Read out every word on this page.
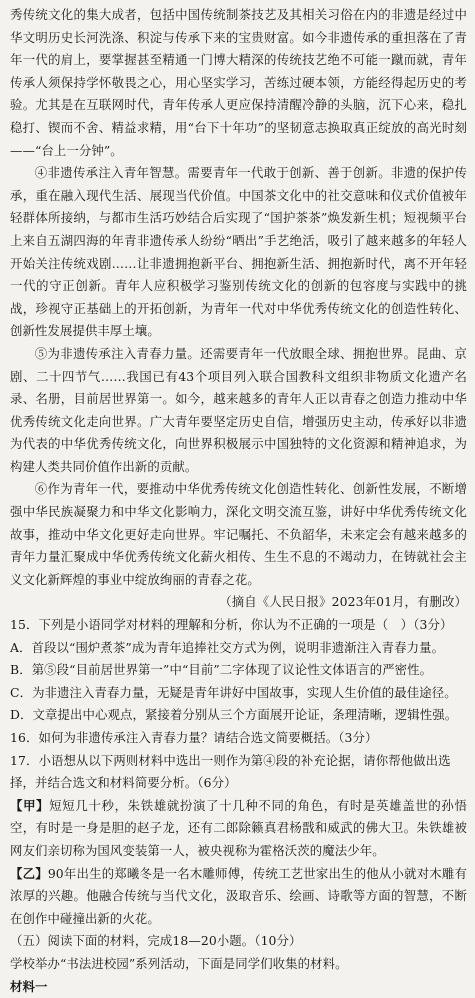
秀传统文化的集大成者，包括中国传统制茶技艺及其相关习俗在内的非遗是经过中华文明历史长河洗涤、积淀与传承下来的宝贵财富。如今非遗传承的重担落在了青年一代的肩上，要掌握甚至精通一门博大精深的传统技艺绝不可能一蹴而就，青年传承人须保持学怀敬畏之心，用心坚实学习，苦练过硬本领，方能经得起历史的考验。尤其是在互联网时代，青年传承人更应保持清醒冷静的头脑，沉下心来，稳扎稳打、锲而不舍、精益求精，用“台下十年功”的坚韧意志换取真正绽放的高光时刻——“台上一分钟”。

④非遗传承注入青年智慧。需要青年一代敢于创新、善于创新。非遗的保护传承，重在融入现代生活、展现当代价值。中国茶文化中的社交意味和仪式价值被年轻群体所接纳，与都市生活巧妙结合后实现了“国护茶茶”焕发新生机；短视频平台上来自五湖四海的年青非遗传承人纷纷“晒出”手艺绝活，吸引了越来越多的年轻人开始关注传统戏剧……让非遗拥抱新平台、拥抱新生活、拥抱新时代，离不开年轻一代的守正创新。青年人应积极学习鉴别传统文化的创新的包容度与实践中的挑战，珍视守正基础上的开拓创新，为青年一代对中华优秀传统文化的创造性转化、创新性发展提供丰厚土壤。

⑤为非遗传承注入青春力量。还需要青年一代放眼全球、拥抱世界。昆曲、京剧、二十四节气……我国已有43个项目列入联合国教科文组织非物质文化遗产名录、名册，目前居世界第一。如今，越来越多的青年人正以青春之创造力推动中华优秀传统文化走向世界。广大青年要坚定历史自信，增强历史主动，传承好以非遗为代表的中华优秀传统文化，向世界积极展示中国独特的文化资源和精神追求，为构建人类共同价值作出新的贡献。

⑥作为青年一代，要推动中华优秀传统文化创造性转化、创新性发展，不断增强中华民族凝聚力和中华文化影响力，深化文明交流互鉴，讲好中华优秀传统文化故事，推动中华文化更好走向世界。牢记嘱托、不负韶华，未来定会有越来越多的青年力量汇聚成中华优秀传统文化薪火相传、生生不息的不竭动力，在铸就社会主义文化新辉煌的事业中绽放绚丽的青春之花。

（摘自《人民日报》2023年01月，有删改）

15．下列是小语同学对材料的理解和分析，你认为不正确的一项是（　）（3分）

A．首段以“围炉煮茶”成为青年追捧社交方式为例，说明非遗渐注入青春力量。

B．第⑤段“目前居世界第一”中“目前”二字体现了议论性文体语言的严密性。

C．为非遗注入青春力量，无疑是青年讲好中国故事，实现人生价值的最佳途径。

D．文章提出中心观点，紧接着分别从三个方面展开论证，条理清晰，逻辑性强。

16．如何为非遗传承注入青春力量？请结合选文简要概括。（3分）

17．小语想从以下两则材料中选出一则作为第④段的补充论据，请你帮他做出选择，并结合选文和材料简要分析。（6分）

【甲】短短几十秒，朱铁雄就扮演了十几种不同的角色，有时是英雄盖世的孙悟空，有时是一身是胆的赵子龙，还有二郎除籁真君杨戬和威武的佛大卫。朱铁雄被网友们亲切称为国风变装第一人，被央视称为霍格沃茨的魔法少年。

【乙】90年出生的郑曦冬是一名木雕师傅，传统工艺世家出生的他从小就对木雕有浓厚的兴趣。他融合传统与当代文化，汲取音乐、绘画、诗歌等方面的智慧，不断在创作中碰撞出新的火花。

（五）阅读下面的材料，完成18—20小题。（10分）

学校举办“书法进校园”系列活动，下面是同学们收集的材料。

材料一
